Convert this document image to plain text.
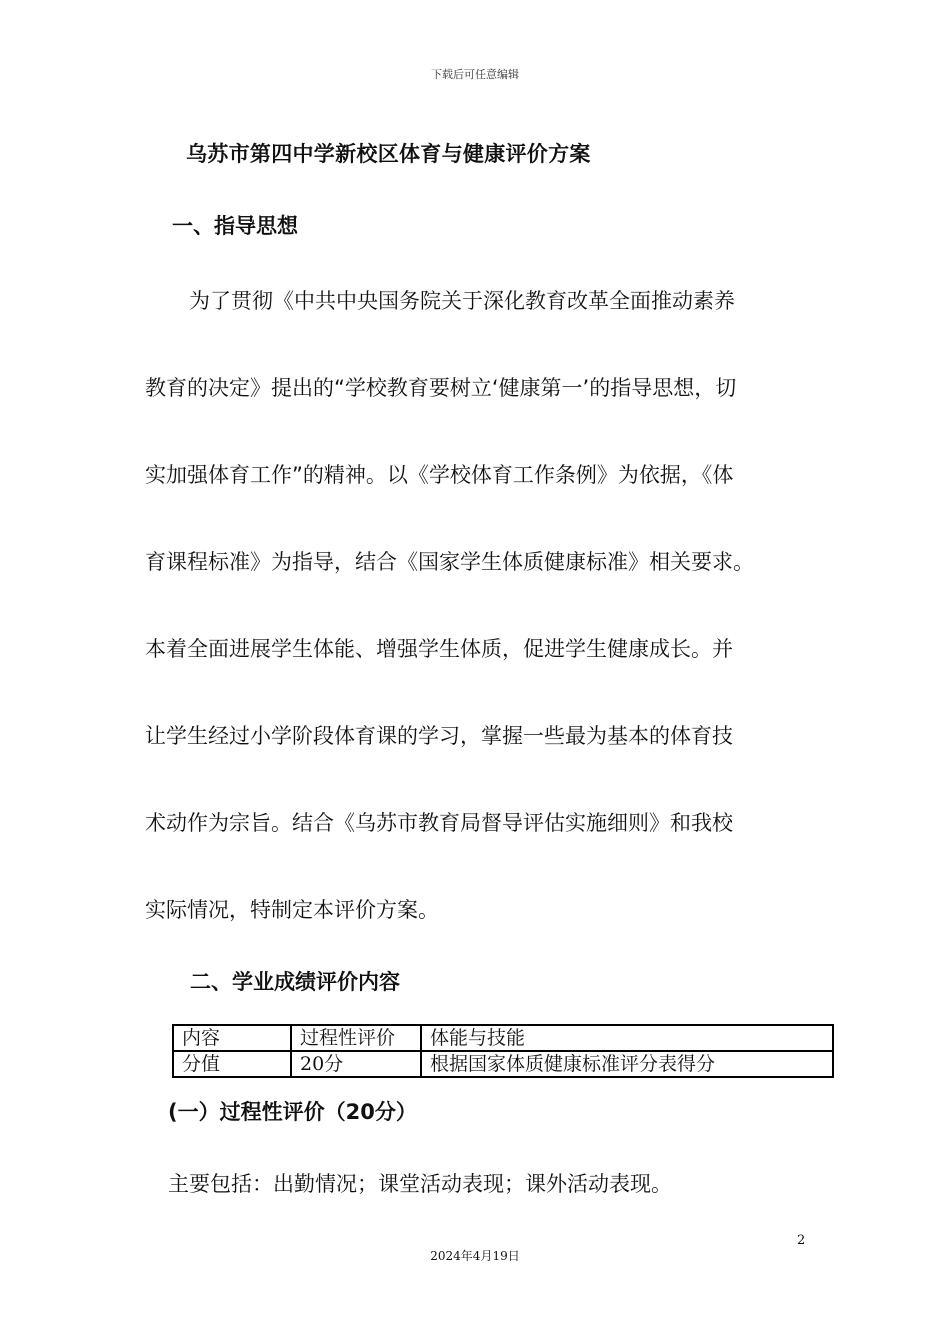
下载后可任意编辑
乌苏市第四中学新校区体育与健康评价方案
一、指导思想
为了贯彻《中共中央国务院关于深化教育改革全面推动素养
教育的决定》提出的“学校教育要树立‘健康第一’的指导思想，切
实加强体育工作”的精神。以《学校体育工作条例》为依据，《体
育课程标准》为指导，结合《国家学生体质健康标准》相关要求。
本着全面进展学生体能、增强学生体质，促进学生健康成长。并
让学生经过小学阶段体育课的学习，掌握一些最为基本的体育技
术动作为宗旨。结合《乌苏市教育局督导评估实施细则》和我校
实际情况，特制定本评价方案。
二、学业成绩评价内容
内容	过程性评价	体能与技能
分值	20分	根据国家体质健康标准评分表得分
(一）过程性评价（20分）
主要包括：出勤情况；课堂活动表现；课外活动表现。
2
2024年4月19日
